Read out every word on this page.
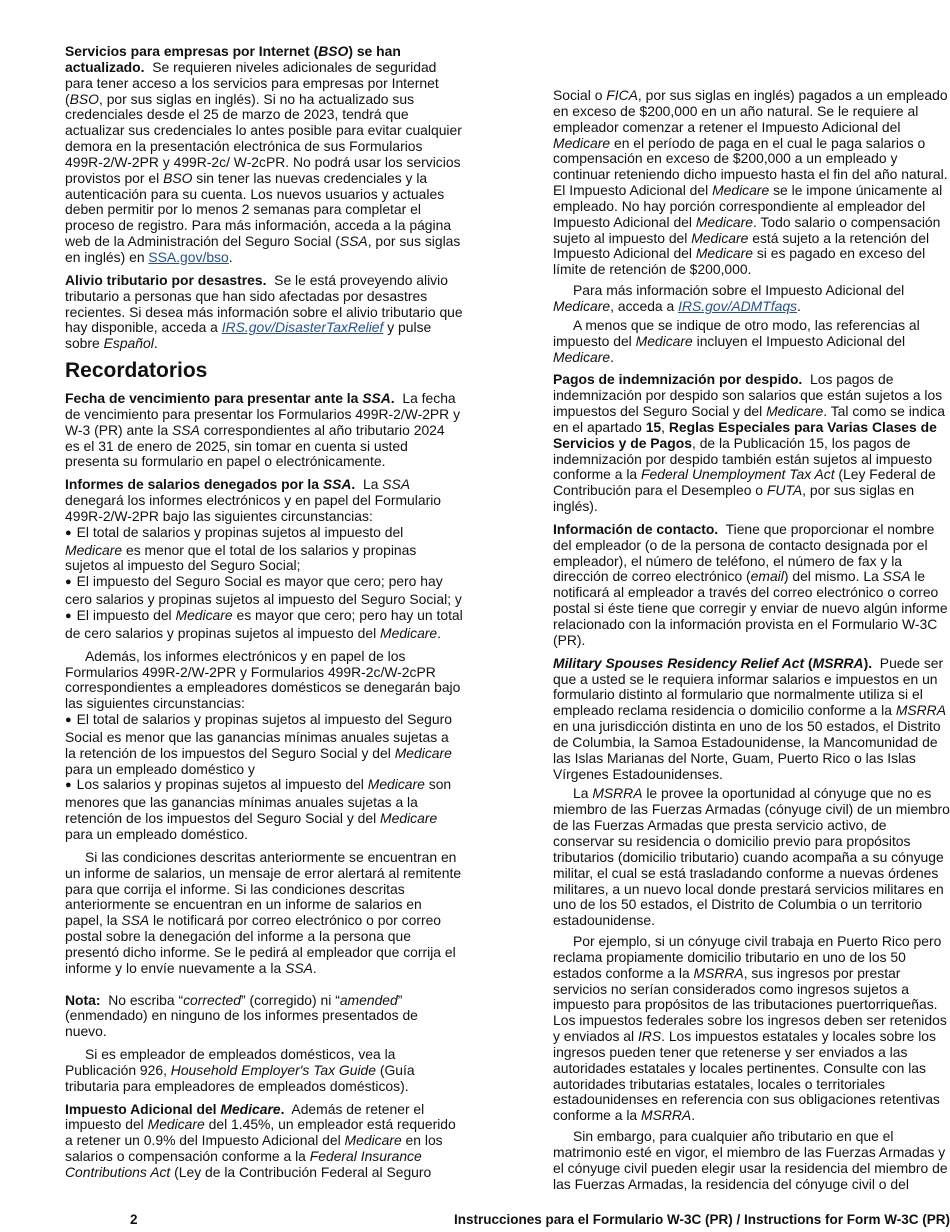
Servicios para empresas por Internet (BSO) se han actualizado.  Se requieren niveles adicionales de seguridad para tener acceso a los servicios para empresas por Internet (BSO, por sus siglas en inglés). Si no ha actualizado sus credenciales desde el 25 de marzo de 2023, tendrá que actualizar sus credenciales lo antes posible para evitar cualquier demora en la presentación electrónica de sus Formularios 499R-2/W-2PR y 499R-2c/ W-2cPR. No podrá usar los servicios provistos por el BSO sin tener las nuevas credenciales y la autenticación para su cuenta. Los nuevos usuarios y actuales deben permitir por lo menos 2 semanas para completar el proceso de registro. Para más información, acceda a la página web de la Administración del Seguro Social (SSA, por sus siglas en inglés) en SSA.gov/bso.

Alivio tributario por desastres.  Se le está proveyendo alivio tributario a personas que han sido afectadas por desastres recientes. Si desea más información sobre el alivio tributario que hay disponible, acceda a IRS.gov/DisasterTaxRelief y pulse sobre Español.

Recordatorios

Fecha de vencimiento para presentar ante la SSA.  La fecha de vencimiento para presentar los Formularios 499R-2/W-2PR y W-3 (PR) ante la SSA correspondientes al año tributario 2024 es el 31 de enero de 2025, sin tomar en cuenta si usted presenta su formulario en papel o electrónicamente.

Informes de salarios denegados por la SSA.  La SSA denegará los informes electrónicos y en papel del Formulario 499R-2/W-2PR bajo las siguientes circunstancias:

● El total de salarios y propinas sujetos al impuesto del Medicare es menor que el total de los salarios y propinas sujetos al impuesto del Seguro Social;
● El impuesto del Seguro Social es mayor que cero; pero hay cero salarios y propinas sujetos al impuesto del Seguro Social; y
● El impuesto del Medicare es mayor que cero; pero hay un total de cero salarios y propinas sujetos al impuesto del Medicare.

Además, los informes electrónicos y en papel de los Formularios 499R-2/W-2PR y Formularios 499R-2c/W-2cPR correspondientes a empleadores domésticos se denegarán bajo las siguientes circunstancias:

● El total de salarios y propinas sujetos al impuesto del Seguro Social es menor que las ganancias mínimas anuales sujetas a la retención de los impuestos del Seguro Social y del Medicare para un empleado doméstico y
● Los salarios y propinas sujetos al impuesto del Medicare son menores que las ganancias mínimas anuales sujetas a la retención de los impuestos del Seguro Social y del Medicare para un empleado doméstico.

Si las condiciones descritas anteriormente se encuentran en un informe de salarios, un mensaje de error alertará al remitente para que corrija el informe. Si las condiciones descritas anteriormente se encuentran en un informe de salarios en papel, la SSA le notificará por correo electrónico o por correo postal sobre la denegación del informe a la persona que presentó dicho informe. Se le pedirá al empleador que corrija el informe y lo envíe nuevamente a la SSA.

Nota:  No escriba “corrected” (corregido) ni “amended” (enmendado) en ninguno de los informes presentados de nuevo.

Si es empleador de empleados domésticos, vea la Publicación 926, Household Employer's Tax Guide (Guía tributaria para empleadores de empleados domésticos).

Impuesto Adicional del Medicare.  Además de retener el impuesto del Medicare del 1.45%, un empleador está requerido a retener un 0.9% del Impuesto Adicional del Medicare en los salarios o compensación conforme a la Federal Insurance Contributions Act (Ley de la Contribución Federal al Seguro

Social o FICA, por sus siglas en inglés) pagados a un empleado en exceso de $200,000 en un año natural. Se le requiere al empleador comenzar a retener el Impuesto Adicional del Medicare en el período de paga en el cual le paga salarios o compensación en exceso de $200,000 a un empleado y continuar reteniendo dicho impuesto hasta el fin del año natural. El Impuesto Adicional del Medicare se le impone únicamente al empleado. No hay porción correspondiente al empleador del Impuesto Adicional del Medicare. Todo salario o compensación sujeto al impuesto del Medicare está sujeto a la retención del Impuesto Adicional del Medicare si es pagado en exceso del límite de retención de $200,000.

Para más información sobre el Impuesto Adicional del Medicare, acceda a IRS.gov/ADMTfaqs.

A menos que se indique de otro modo, las referencias al impuesto del Medicare incluyen el Impuesto Adicional del Medicare.

Pagos de indemnización por despido.  Los pagos de indemnización por despido son salarios que están sujetos a los impuestos del Seguro Social y del Medicare. Tal como se indica en el apartado 15, Reglas Especiales para Varias Clases de Servicios y de Pagos, de la Publicación 15, los pagos de indemnización por despido también están sujetos al impuesto conforme a la Federal Unemployment Tax Act (Ley Federal de Contribución para el Desempleo o FUTA, por sus siglas en inglés).

Información de contacto.  Tiene que proporcionar el nombre del empleador (o de la persona de contacto designada por el empleador), el número de teléfono, el número de fax y la dirección de correo electrónico (email) del mismo. La SSA le notificará al empleador a través del correo electrónico o correo postal si éste tiene que corregir y enviar de nuevo algún informe relacionado con la información provista en el Formulario W-3C (PR).

Military Spouses Residency Relief Act (MSRRA).  Puede ser que a usted se le requiera informar salarios e impuestos en un formulario distinto al formulario que normalmente utiliza si el empleado reclama residencia o domicilio conforme a la MSRRA en una jurisdicción distinta en uno de los 50 estados, el Distrito de Columbia, la Samoa Estadounidense, la Mancomunidad de las Islas Marianas del Norte, Guam, Puerto Rico o las Islas Vírgenes Estadounidenses.

La MSRRA le provee la oportunidad al cónyuge que no es miembro de las Fuerzas Armadas (cónyuge civil) de un miembro de las Fuerzas Armadas que presta servicio activo, de conservar su residencia o domicilio previo para propósitos tributarios (domicilio tributario) cuando acompaña a su cónyuge militar, el cual se está trasladando conforme a nuevas órdenes militares, a un nuevo local donde prestará servicios militares en uno de los 50 estados, el Distrito de Columbia o un territorio estadounidense.

Por ejemplo, si un cónyuge civil trabaja en Puerto Rico pero reclama propiamente domicilio tributario en uno de los 50 estados conforme a la MSRRA, sus ingresos por prestar servicios no serían considerados como ingresos sujetos a impuesto para propósitos de las tributaciones puertorriqueñas. Los impuestos federales sobre los ingresos deben ser retenidos y enviados al IRS. Los impuestos estatales y locales sobre los ingresos pueden tener que retenerse y ser enviados a las autoridades estatales y locales pertinentes. Consulte con las autoridades tributarias estatales, locales o territoriales estadounidenses en referencia con sus obligaciones retentivas conforme a la MSRRA.

Sin embargo, para cualquier año tributario en que el matrimonio esté en vigor, el miembro de las Fuerzas Armadas y el cónyuge civil pueden elegir usar la residencia del miembro de las Fuerzas Armadas, la residencia del cónyuge civil o del

2	Instrucciones para el Formulario W-3C (PR) / Instructions for Form W-3C (PR)
